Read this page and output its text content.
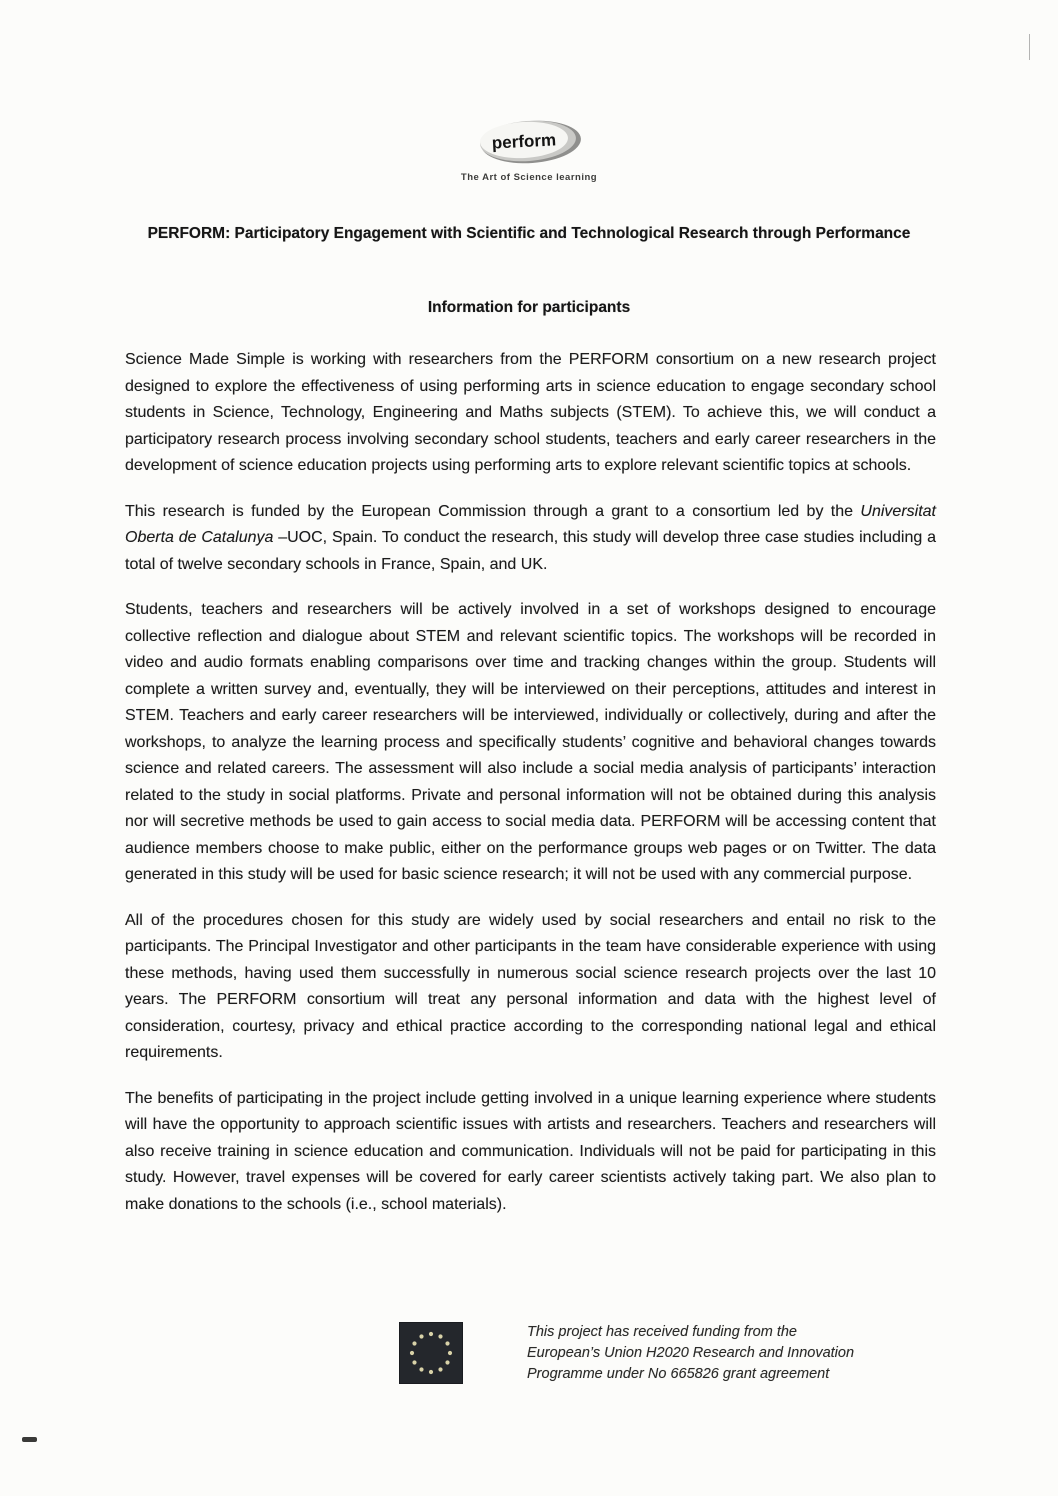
perform
The Art of Science learning
PERFORM: Participatory Engagement with Scientific and Technological Research through Performance
Information for participants

Science Made Simple is working with researchers from the PERFORM consortium on a new research project designed to explore the effectiveness of using performing arts in science education to engage secondary school students in Science, Technology, Engineering and Maths subjects (STEM). To achieve this, we will conduct a participatory research process involving secondary school students, teachers and early career researchers in the development of science education projects using performing arts to explore relevant scientific topics at schools.

This research is funded by the European Commission through a grant to a consortium led by the Universitat Oberta de Catalunya –UOC, Spain. To conduct the research, this study will develop three case studies including a total of twelve secondary schools in France, Spain, and UK.

Students, teachers and researchers will be actively involved in a set of workshops designed to encourage collective reflection and dialogue about STEM and relevant scientific topics. The workshops will be recorded in video and audio formats enabling comparisons over time and tracking changes within the group. Students will complete a written survey and, eventually, they will be interviewed on their perceptions, attitudes and interest in STEM. Teachers and early career researchers will be interviewed, individually or collectively, during and after the workshops, to analyze the learning process and specifically students’ cognitive and behavioral changes towards science and related careers. The assessment will also include a social media analysis of participants’ interaction related to the study in social platforms. Private and personal information will not be obtained during this analysis nor will secretive methods be used to gain access to social media data. PERFORM will be accessing content that audience members choose to make public, either on the performance groups web pages or on Twitter. The data generated in this study will be used for basic science research; it will not be used with any commercial purpose.

All of the procedures chosen for this study are widely used by social researchers and entail no risk to the participants. The Principal Investigator and other participants in the team have considerable experience with using these methods, having used them successfully in numerous social science research projects over the last 10 years. The PERFORM consortium will treat any personal information and data with the highest level of consideration, courtesy, privacy and ethical practice according to the corresponding national legal and ethical requirements.

The benefits of participating in the project include getting involved in a unique learning experience where students will have the opportunity to approach scientific issues with artists and researchers. Teachers and researchers will also receive training in science education and communication. Individuals will not be paid for participating in this study. However, travel expenses will be covered for early career scientists actively taking part. We also plan to make donations to the schools (i.e., school materials).

This project has received funding from the
European’s Union H2020 Research and Innovation
Programme under No 665826 grant agreement
